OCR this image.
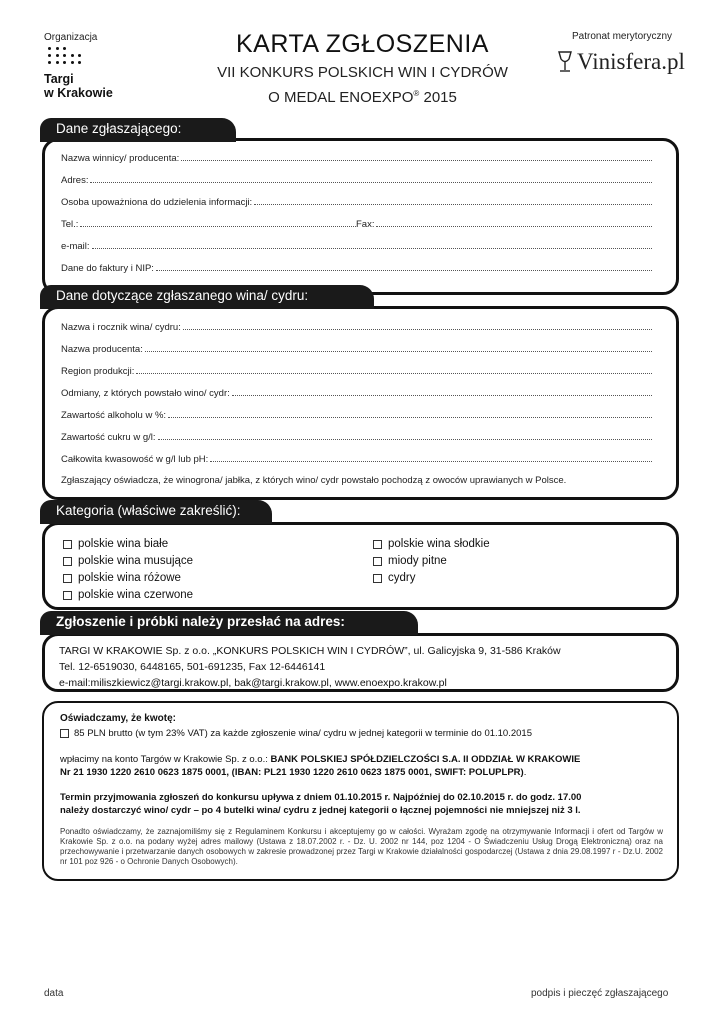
Organizacja
Targi
w Krakowie
KARTA ZGŁOSZENIA
VII KONKURS POLSKICH WIN I CYDRÓW
O MEDAL ENOEXPO® 2015
Patronat merytoryczny
Vinisfera.pl
Nazwa winnicy/ producenta:
Adres:
Osoba upoważniona do udzielenia informacji:
Tel.:	Fax:
e-mail:
Dane do faktury i NIP:
Dane zgłaszającego:
Nazwa i rocznik wina/ cydru:
Nazwa producenta:
Region produkcji:
Odmiany, z których powstało wino/ cydr:
Zawartość alkoholu w %:
Zawartość cukru w g/l:
Całkowita kwasowość w g/l lub pH:
Zgłaszający oświadcza, że winogrona/ jabłka, z których wino/ cydr powstało pochodzą z owoców uprawianych w Polsce.
Dane dotyczące zgłaszanego wina/ cydru:
polskie wina białe
polskie wina musujące
polskie wina różowe
polskie wina czerwone
polskie wina słodkie
miody pitne
cydry
Kategoria (właściwe zakreślić):
TARGI W KRAKOWIE Sp. z o.o. „KONKURS POLSKICH WIN I CYDRÓW”, ul. Galicyjska 9, 31-586 Kraków
Tel. 12-6519030, 6448165, 501-691235, Fax 12-6446141
e-mail:miliszkiewicz@targi.krakow.pl, bak@targi.krakow.pl, www.enoexpo.krakow.pl
Zgłoszenie i próbki należy przesłać na adres:
Oświadczamy, że kwotę:
85 PLN brutto (w tym 23% VAT) za każde zgłoszenie wina/ cydru w jednej kategorii w terminie do 01.10.2015
wpłacimy na konto Targów w Krakowie Sp. z o.o.: BANK POLSKIEJ SPÓŁDZIELCZOŚCI S.A. II ODDZIAŁ W KRAKOWIE
Nr 21 1930 1220 2610 0623 1875 0001, (IBAN: PL21 1930 1220 2610 0623 1875 0001, SWIFT: POLUPLPR).
Termin przyjmowania zgłoszeń do konkursu upływa z dniem 01.10.2015 r. Najpóźniej do 02.10.2015 r. do godz. 17.00
należy dostarczyć wino/ cydr – po 4 butelki wina/ cydru z jednej kategorii o łącznej pojemności nie mniejszej niż 3 l.
Ponadto oświadczamy, że zaznajomiliśmy się z Regulaminem Konkursu i akceptujemy go w całości. Wyrażam zgodę na otrzymywanie Informacji i ofert od Targów w Krakowie Sp. z o.o. na podany wyżej adres mailowy (Ustawa z 18.07.2002 r. - Dz. U. 2002 nr 144, poz 1204 - O Świadczeniu Usług Drogą Elektroniczną) oraz na przechowywanie i przetwarzanie danych osobowych w zakresie prowadzonej przez Targi w Krakowie działalności gospodarczej (Ustawa z dnia 29.08.1997 r - Dz.U. 2002 nr 101 poz 926 - o Ochronie Danych Osobowych).
data	podpis i pieczęć zgłaszającego
